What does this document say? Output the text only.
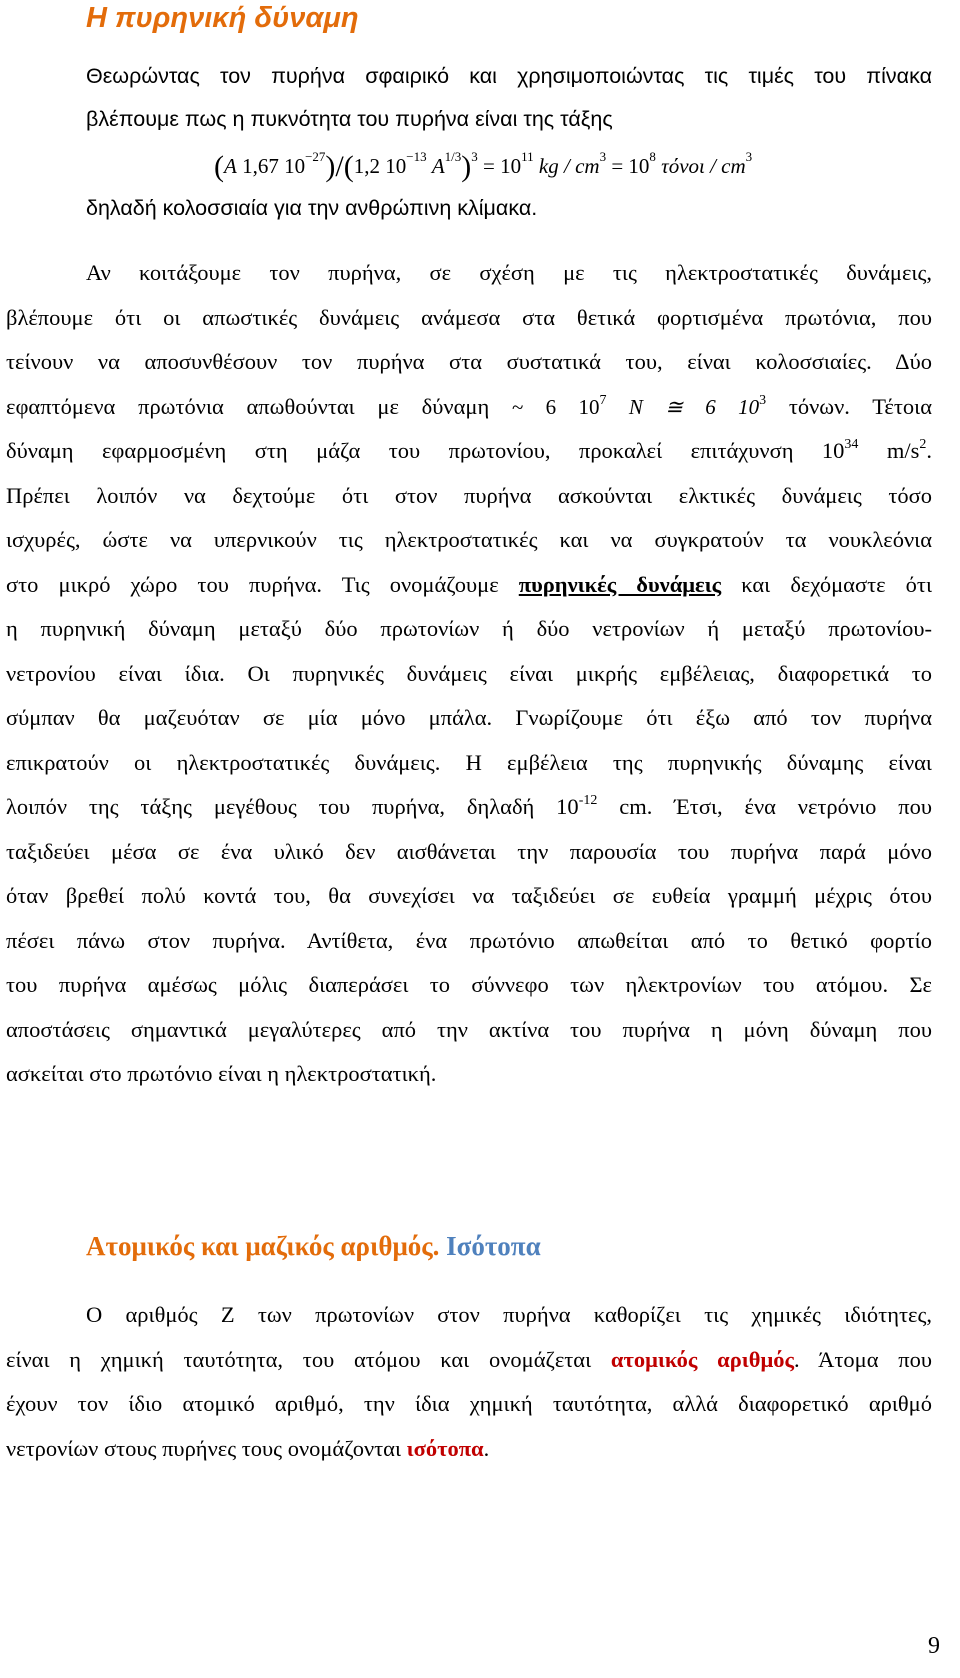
Η πυρηνική δύναμη

Θεωρώντας τον πυρήνα σφαιρικό και χρησιμοποιώντας τις τιμές του πίνακα

βλέπουμε πως η πυκνότητα του πυρήνα είναι της τάξης

(A 1,67 $10^{-27})/(1,2$ $10^{-13}$ $A^{1/3})^3 = 10^{11}$ kg / $cm^3 = 10^8$ τόνοι / $cm^3$

δηλαδή κολοσσιαία για την ανθρώπινη κλίμακα.

Αν κοιτάξουμε τον πυρήνα, σε σχέση με τις ηλεκτροστατικές δυνάμεις,
βλέπουμε ότι οι απωστικές δυνάμεις ανάμεσα στα θετικά φορτισμένα πρωτόνια, που
τείνουν να αποσυνθέσουν τον πυρήνα στα συστατικά του, είναι κολοσσιαίες. Δύο
εφαπτόμενα πρωτόνια απωθούνται με δύναμη ~ 6 $10^7$ N ≅ 6 $10^3$ τόνων. Τέτοια
δύναμη εφαρμοσμένη στη μάζα του πρωτονίου, προκαλεί επιτάχυνση $10^{34}$ $m/s^2$.
Πρέπει λοιπόν να δεχτούμε ότι στον πυρήνα ασκούνται ελκτικές δυνάμεις τόσο
ισχυρές, ώστε να υπερνικούν τις ηλεκτροστατικές και να συγκρατούν τα νουκλεόνια
στο μικρό χώρο του πυρήνα. Τις ονομάζουμε πυρηνικές δυνάμεις και δεχόμαστε ότι
η πυρηνική δύναμη μεταξύ δύο πρωτονίων ή δύο νετρονίων ή μεταξύ πρωτονίου-
νετρονίου είναι ίδια. Οι πυρηνικές δυνάμεις είναι μικρής εμβέλειας, διαφορετικά το
σύμπαν θα μαζευόταν σε μία μόνο μπάλα. Γνωρίζουμε ότι έξω από τον πυρήνα
επικρατούν οι ηλεκτροστατικές δυνάμεις. Η εμβέλεια της πυρηνικής δύναμης είναι
λοιπόν της τάξης μεγέθους του πυρήνα, δηλαδή $10^{-12}$ cm. Έτσι, ένα νετρόνιο που
ταξιδεύει μέσα σε ένα υλικό δεν αισθάνεται την παρουσία του πυρήνα παρά μόνο
όταν βρεθεί πολύ κοντά του, θα συνεχίσει να ταξιδεύει σε ευθεία γραμμή μέχρις ότου
πέσει πάνω στον πυρήνα. Αντίθετα, ένα πρωτόνιο απωθείται από το θετικό φορτίο
του πυρήνα αμέσως μόλις διαπεράσει το σύννεφο των ηλεκτρονίων του ατόμου. Σε
αποστάσεις σημαντικά μεγαλύτερες από την ακτίνα του πυρήνα η μόνη δύναμη που
ασκείται στο πρωτόνιο είναι η ηλεκτροστατική.
Ατομικός και μαζικός αριθμός. Ισότοπα
Ο αριθμός Z των πρωτονίων στον πυρήνα καθορίζει τις χημικές ιδιότητες,
είναι η χημική ταυτότητα, του ατόμου και ονομάζεται ατομικός αριθμός. Άτομα που
έχουν τον ίδιο ατομικό αριθμό, την ίδια χημική ταυτότητα, αλλά διαφορετικό αριθμό
νετρονίων στους πυρήνες τους ονομάζονται ισότοπα.
9
